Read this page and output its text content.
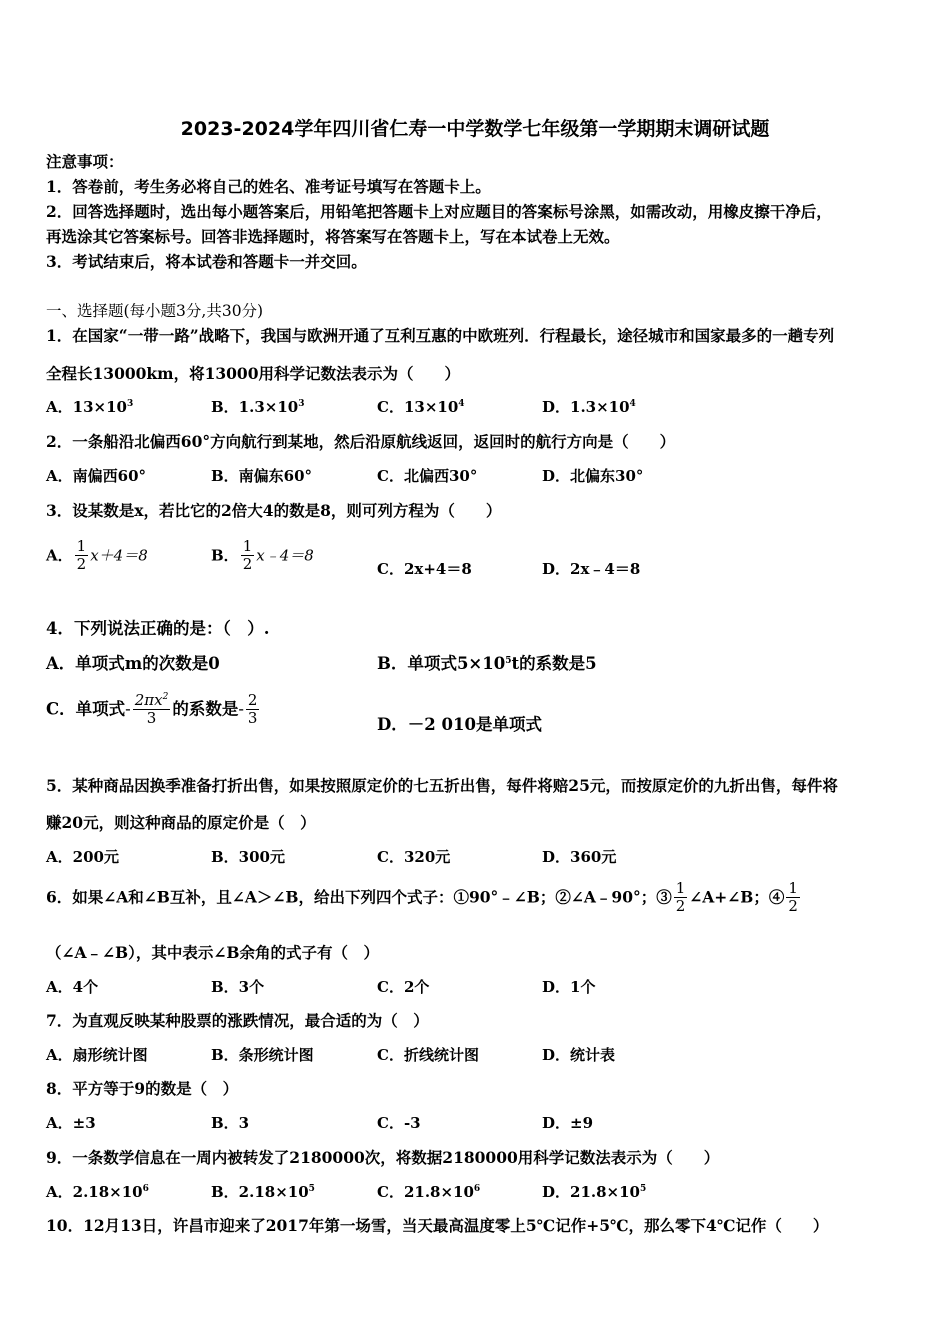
2023-2024学年四川省仁寿一中学数学七年级第一学期期末调研试题
注意事项：
1．答卷前，考生务必将自己的姓名、准考证号填写在答题卡上。
2．回答选择题时，选出每小题答案后，用铅笔把答题卡上对应题目的答案标号涂黑，如需改动，用橡皮擦干净后，
再选涂其它答案标号。回答非选择题时，将答案写在答题卡上，写在本试卷上无效。
3．考试结束后，将本试卷和答题卡一并交回。
一、选择题(每小题3分,共30分)
1．在国家“一带一路”战略下，我国与欧洲开通了互利互惠的中欧班列．行程最长，途径城市和国家最多的一趟专列
全程长13000km，将13000用科学记数法表示为（　　）
A．$13\times 10^3$	B．$1.3\times 10^3$	C．$13\times 10^4$	D．$1.3\times 10^4$
2．一条船沿北偏西60°方向航行到某地，然后沿原航线返回，返回时的航行方向是（　　）
A．南偏西60°	B．南偏东60°	C．北偏西30°	D．北偏东30°
3．设某数是x，若比它的2倍大4的数是8，则可列方程为（　　）
A． $\frac{1}{2} x+4=8$	B． $\frac{1}{2}$ x﹣4＝8
C．2x+4＝8	D．2x﹣4＝8
4．下列说法正确的是：（　）.
A．单项式m的次数是0	B．单项式$5\times 10^5t$的系数是5
C．单项式- $\frac{2\pi x^2}{3}$ 的系数是- $\frac{2}{3}$	D．－2 010是单项式
5．某种商品因换季准备打折出售，如果按照原定价的七五折出售，每件将赔25元，而按原定价的九折出售，每件将
赚20元，则这种商品的原定价是（　）
A．200元	B．300元	C．320元	D．360元
6．如果∠A和∠B互补，且∠A＞∠B，给出下列四个式子：①90°﹣∠B；②∠A﹣90°；③ $\frac{1}{2}$ ∠A+∠B；④ $\frac{1}{2}$
（∠A﹣∠B），其中表示∠B余角的式子有（　）
A．4个	B．3个	C．2个	D．1个
7．为直观反映某种股票的涨跌情况，最合适的为（　）
A．扇形统计图	B．条形统计图	C．折线统计图	D．统计表
8．平方等于9的数是（　）
A．±3	B．3	C．-3	D．±9
9．一条数学信息在一周内被转发了2180000次，将数据2180000用科学记数法表示为（　　）
A．$2.18\times 10^6$	B．$2.18\times 10^5$	C．$21.8\times 10^6$	D．$21.8\times 10^5$
10．12月13日，许昌市迎来了2017年第一场雪，当天最高温度零上5℃记作+5℃，那么零下4℃记作（　　）
